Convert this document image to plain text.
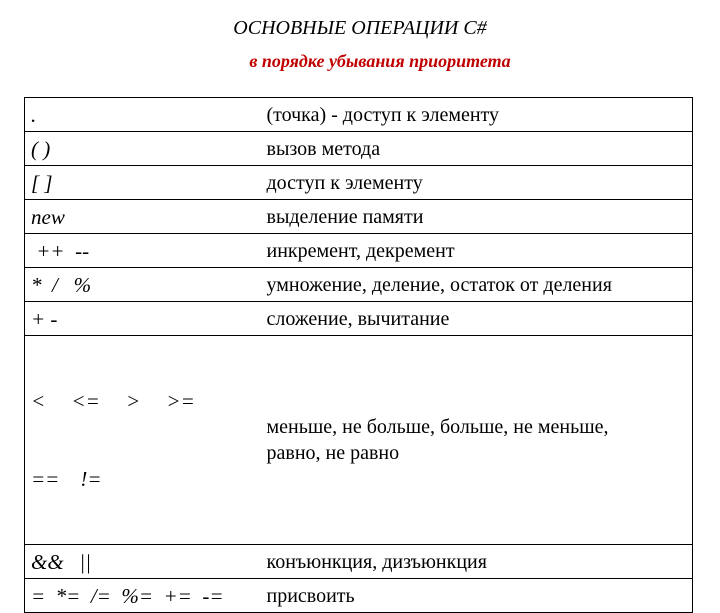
ОСНОВНЫЕ ОПЕРАЦИИ C#
в порядке убывания приоритета
.	(точка) - доступ к элементу
( )	вызов метода
[ ]	доступ к элементу
new	выделение памяти
++  --	инкремент, декремент
*  /   %	умножение, деление, остаток от деления
+ -	сложение, вычитание

<     <=     >     >=

==    !=	меньше, не больше, больше, не меньше,
равно, не равно

&&   ||	конъюнкция, дизъюнкция
=  *=  /=  %=  +=  -=	присвоить
